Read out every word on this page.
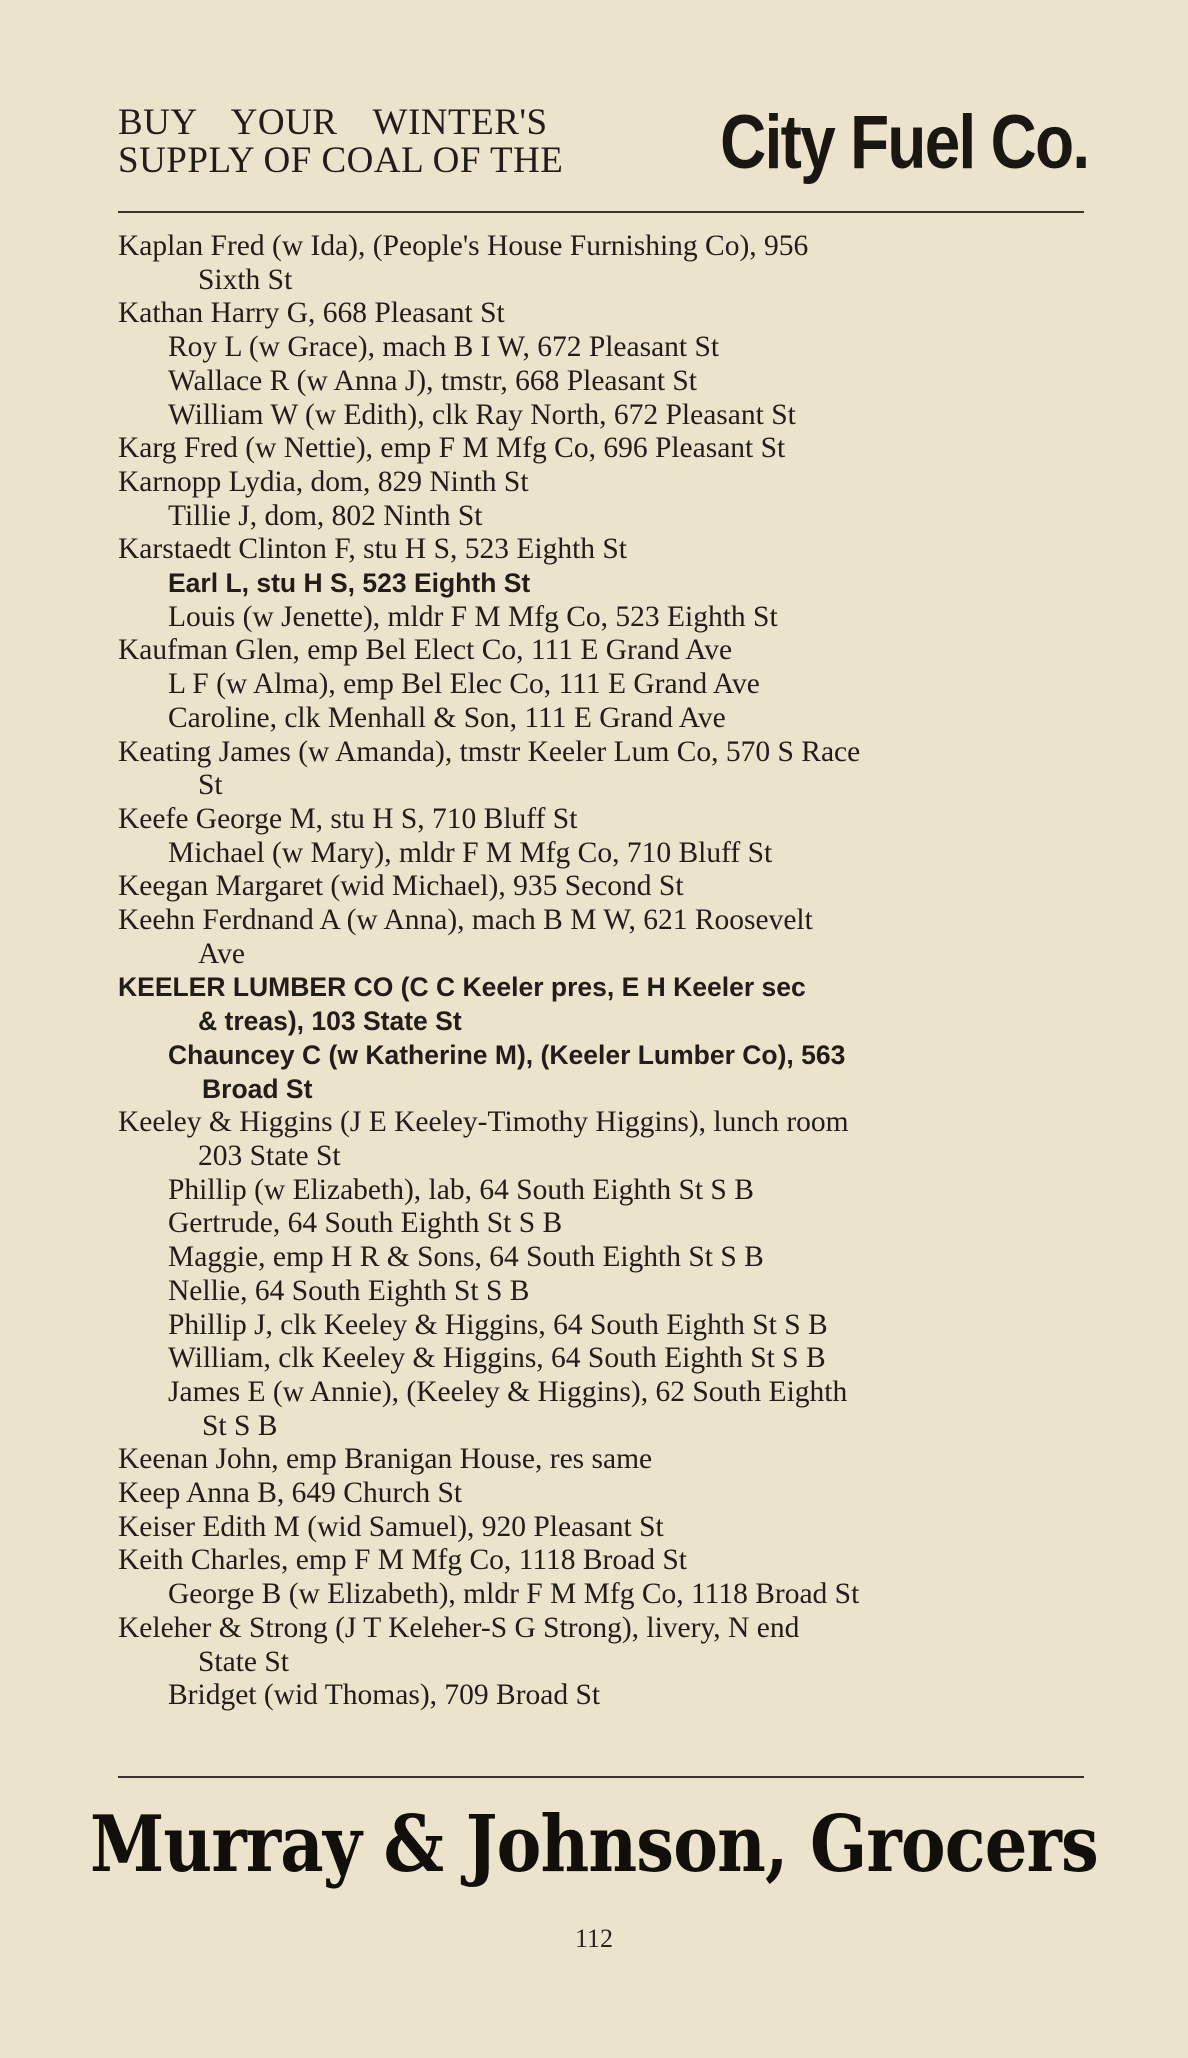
BUY YOUR WINTER'S
SUPPLY OF COAL OF THE City Fuel Co.
Kaplan Fred (w Ida), (People's House Furnishing Co), 956
Sixth St
Kathan Harry G, 668 Pleasant St
Roy L (w Grace), mach B I W, 672 Pleasant St
Wallace R (w Anna J), tmstr, 668 Pleasant St
William W (w Edith), clk Ray North, 672 Pleasant St
Karg Fred (w Nettie), emp F M Mfg Co, 696 Pleasant St
Karnopp Lydia, dom, 829 Ninth St
Tillie J, dom, 802 Ninth St
Karstaedt Clinton F, stu H S, 523 Eighth St
Earl L, stu H S, 523 Eighth St
Louis (w Jenette), mldr F M Mfg Co, 523 Eighth St
Kaufman Glen, emp Bel Elect Co, 111 E Grand Ave
L F (w Alma), emp Bel Elec Co, 111 E Grand Ave
Caroline, clk Menhall & Son, 111 E Grand Ave
Keating James (w Amanda), tmstr Keeler Lum Co, 570 S Race
St
Keefe George M, stu H S, 710 Bluff St
Michael (w Mary), mldr F M Mfg Co, 710 Bluff St
Keegan Margaret (wid Michael), 935 Second St
Keehn Ferdnand A (w Anna), mach B M W, 621 Roosevelt
Ave
KEELER LUMBER CO (C C Keeler pres, E H Keeler sec
& treas), 103 State St
Chauncey C (w Katherine M), (Keeler Lumber Co), 563
Broad St
Keeley & Higgins (J E Keeley-Timothy Higgins), lunch room
203 State St
Phillip (w Elizabeth), lab, 64 South Eighth St S B
Gertrude, 64 South Eighth St S B
Maggie, emp H R & Sons, 64 South Eighth St S B
Nellie, 64 South Eighth St S B
Phillip J, clk Keeley & Higgins, 64 South Eighth St S B
William, clk Keeley & Higgins, 64 South Eighth St S B
James E (w Annie), (Keeley & Higgins), 62 South Eighth
St S B
Keenan John, emp Branigan House, res same
Keep Anna B, 649 Church St
Keiser Edith M (wid Samuel), 920 Pleasant St
Keith Charles, emp F M Mfg Co, 1118 Broad St
George B (w Elizabeth), mldr F M Mfg Co, 1118 Broad St
Keleher & Strong (J T Keleher-S G Strong), livery, N end
State St
Bridget (wid Thomas), 709 Broad St
Murray & Johnson, Grocers
112
